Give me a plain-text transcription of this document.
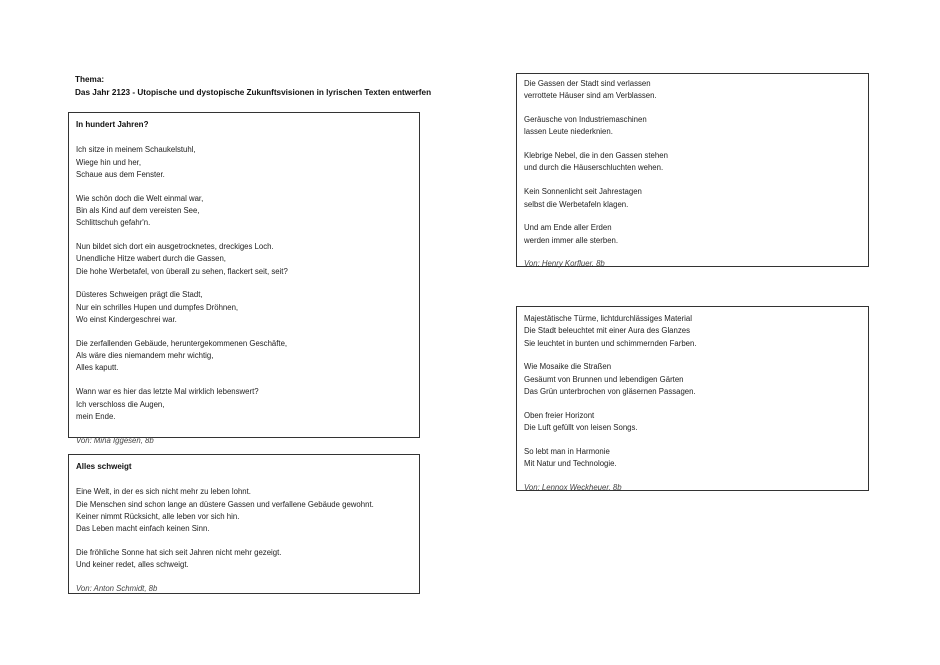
Thema:
Das Jahr 2123 - Utopische und dystopische Zukunftsvisionen in lyrischen Texten entwerfen
In hundert Jahren?
Ich sitze in meinem Schaukelstuhl,
Wiege hin und her,
Schaue aus dem Fenster.
Wie schön doch die Welt einmal war,
Bin als Kind auf dem vereisten See,
Schlittschuh gefahr'n.
Nun bildet sich dort ein ausgetrocknetes, dreckiges Loch.
Unendliche Hitze wabert durch die Gassen,
Die hohe Werbetafel, von überall zu sehen, flackert seit, seit?
Düsteres Schweigen prägt die Stadt,
Nur ein schrilles Hupen und dumpfes Dröhnen,
Wo einst Kindergeschrei war.
Die zerfallenden Gebäude, heruntergekommenen Geschäfte,
Als wäre dies niemandem mehr wichtig,
Alles kaputt.
Wann war es hier das letzte Mal wirklich lebenswert?
Ich verschloss die Augen,
mein Ende.
Von: Mina Iggesen, 8b
Alles schweigt
Eine Welt, in der es sich nicht mehr zu leben lohnt.
Die Menschen sind schon lange an düstere Gassen und verfallene Gebäude gewohnt.
Keiner nimmt Rücksicht, alle leben vor sich hin.
Das Leben macht einfach keinen Sinn.
Die fröhliche Sonne hat sich seit Jahren nicht mehr gezeigt.
Und keiner redet, alles schweigt.
Von: Anton Schmidt, 8b
Die Gassen der Stadt sind verlassen
verrottete Häuser sind am Verblassen.
Geräusche von Industriemaschinen
lassen Leute niederknien.
Klebrige Nebel, die in den Gassen stehen
und durch die Häuserschluchten wehen.
Kein Sonnenlicht seit Jahrestagen
selbst die Werbetafeln klagen.
Und am Ende aller Erden
werden immer alle sterben.
Von: Henry Korfluer, 8b
Majestätische Türme, lichtdurchlässiges Material
Die Stadt beleuchtet mit einer Aura des Glanzes
Sie leuchtet in bunten und schimmernden Farben.
Wie Mosaike die Straßen
Gesäumt von Brunnen und lebendigen Gärten
Das Grün unterbrochen von gläsernen Passagen.
Oben freier Horizont
Die Luft gefüllt von leisen Songs.
So lebt man in Harmonie
Mit Natur und Technologie.
Von: Lennox Weckheuer, 8b
